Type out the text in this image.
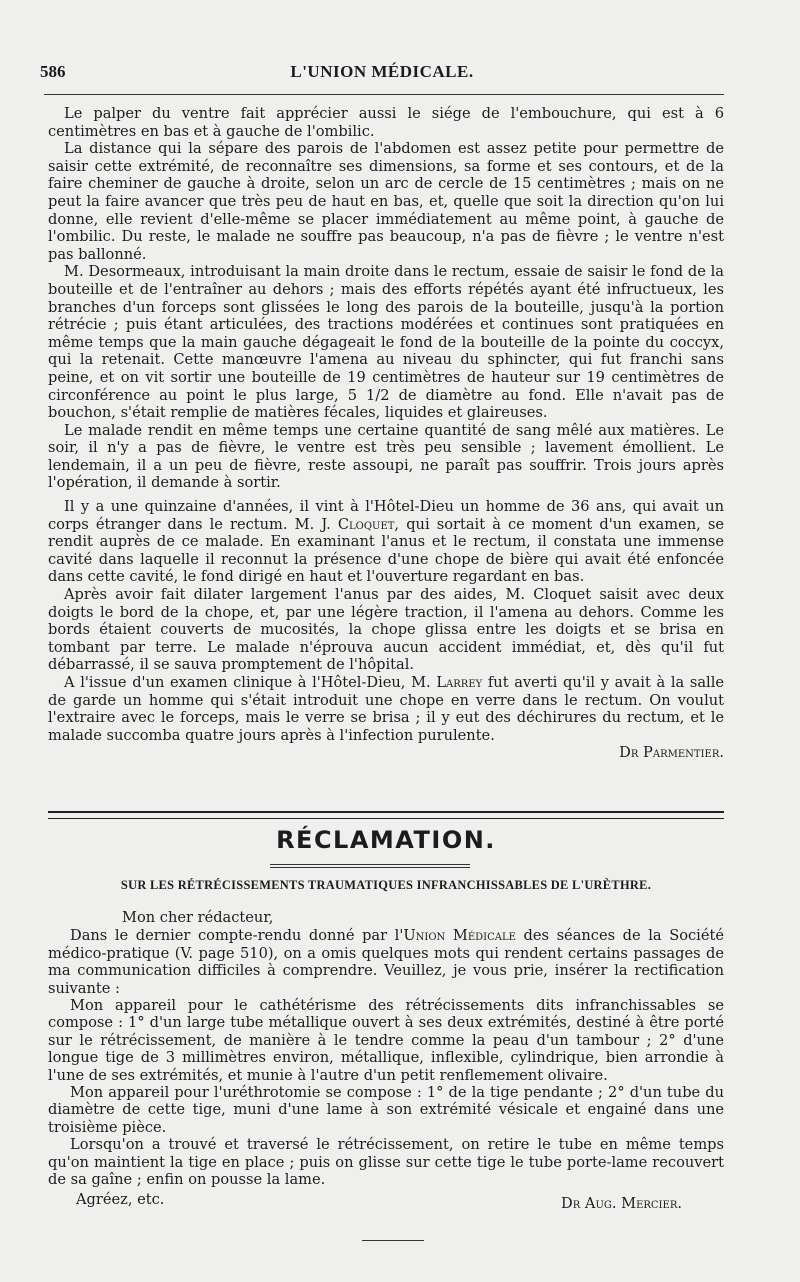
586	L'UNION MÉDICALE.

Le palper du ventre fait apprécier aussi le siége de l'embouchure, qui est à 6 centimètres en bas et à gauche de l'ombilic.

La distance qui la sépare des parois de l'abdomen est assez petite pour permettre de saisir cette extrémité, de reconnaître ses dimensions, sa forme et ses contours, et de la faire cheminer de gauche à droite, selon un arc de cercle de 15 centimètres ; mais on ne peut la faire avancer que très peu de haut en bas, et, quelle que soit la direction qu'on lui donne, elle revient d'elle-même se placer immédiatement au même point, à gauche de l'ombilic. Du reste, le malade ne souffre pas beaucoup, n'a pas de fièvre ; le ventre n'est pas ballonné.

M. Desormeaux, introduisant la main droite dans le rectum, essaie de saisir le fond de la bouteille et de l'entraîner au dehors ; mais des efforts répétés ayant été infructueux, les branches d'un forceps sont glissées le long des parois de la bouteille, jusqu'à la portion rétrécie ; puis étant articulées, des tractions modérées et continues sont pratiquées en même temps que la main gauche dégageait le fond de la bouteille de la pointe du coccyx, qui la retenait. Cette manœuvre l'amena au niveau du sphincter, qui fut franchi sans peine, et on vit sortir une bouteille de 19 centimètres de hauteur sur 19 centimètres de circonférence au point le plus large, 5 1/2 de diamètre au fond. Elle n'avait pas de bouchon, s'était remplie de matières fécales, liquides et glaireuses.

Le malade rendit en même temps une certaine quantité de sang mêlé aux matières. Le soir, il n'y a pas de fièvre, le ventre est très peu sensible ; lavement émollient. Le lendemain, il a un peu de fièvre, reste assoupi, ne paraît pas souffrir. Trois jours après l'opération, il demande à sortir.

Il y a une quinzaine d'années, il vint à l'Hôtel-Dieu un homme de 36 ans, qui avait un corps étranger dans le rectum. M. J. Cloquet, qui sortait à ce moment d'un examen, se rendit auprès de ce malade. En examinant l'anus et le rectum, il constata une immense cavité dans laquelle il reconnut la présence d'une chope de bière qui avait été enfoncée dans cette cavité, le fond dirigé en haut et l'ouverture regardant en bas.

Après avoir fait dilater largement l'anus par des aides, M. Cloquet saisit avec deux doigts le bord de la chope, et, par une légère traction, il l'amena au dehors. Comme les bords étaient couverts de mucosités, la chope glissa entre les doigts et se brisa en tombant par terre. Le malade n'éprouva aucun accident immédiat, et, dès qu'il fut débarrassé, il se sauva promptement de l'hôpital.

A l'issue d'un examen clinique à l'Hôtel-Dieu, M. Larrey fut averti qu'il y avait à la salle de garde un homme qui s'était introduit une chope en verre dans le rectum. On voulut l'extraire avec le forceps, mais le verre se brisa ; il y eut des déchirures du rectum, et le malade succomba quatre jours après à l'infection purulente.

Dr Parmentier.

RÉCLAMATION.
SUR LES RÉTRÉCISSEMENTS TRAUMATIQUES INFRANCHISSABLES DE L'URÈTHRE.

Mon cher rédacteur,

Dans le dernier compte-rendu donné par l'Union Médicale des séances de la Société médico-pratique (V. page 510), on a omis quelques mots qui rendent certains passages de ma communication difficiles à comprendre. Veuillez, je vous prie, insérer la rectification suivante :

Mon appareil pour le cathétérisme des rétrécissements dits infranchissables se compose : 1° d'un large tube métallique ouvert à ses deux extrémités, destiné à être porté sur le rétrécissement, de manière à le tendre comme la peau d'un tambour ; 2° d'une longue tige de 3 millimètres environ, métallique, inflexible, cylindrique, bien arrondie à l'une de ses extrémités, et munie à l'autre d'un petit renflemement olivaire.

Mon appareil pour l'uréthrotomie se compose : 1° de la tige pendante ; 2° d'un tube du diamètre de cette tige, muni d'une lame à son extrémité vésicale et engainé dans une troisième pièce.

Lorsqu'on a trouvé et traversé le rétrécissement, on retire le tube en même temps qu'on maintient la tige en place ; puis on glisse sur cette tige le tube porte-lame recouvert de sa gaîne ; enfin on pousse la lame.

Agréez, etc.	Dr Aug. Mercier.
